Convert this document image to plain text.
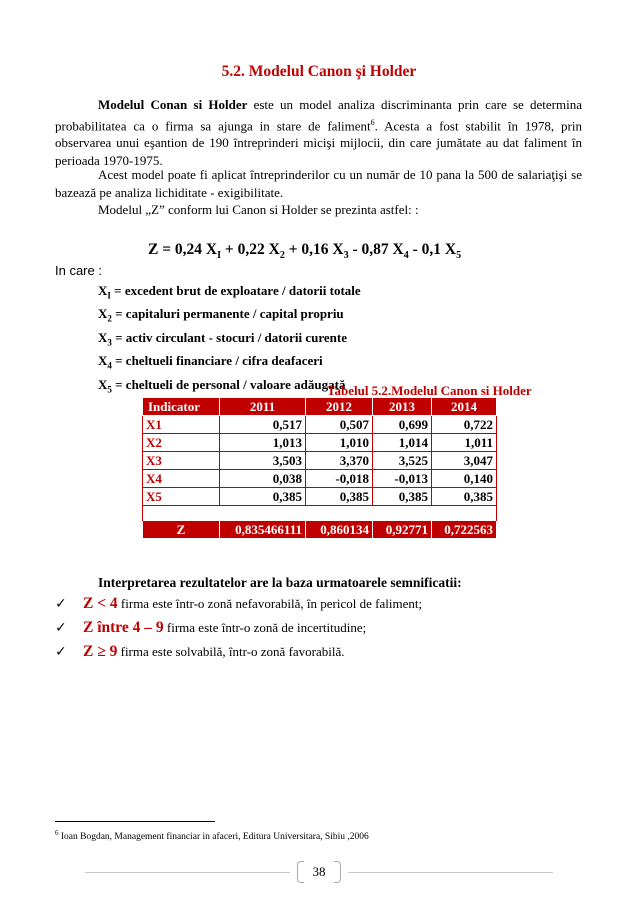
5.2. Modelul Canon şi Holder
Modelul Conan si Holder este un model analiza discriminanta prin care se determina probabilitatea ca o firma sa ajunga in stare de faliment$^6$. Acesta a fost stabilit în 1978, prin observarea unui eşantion de 190 întreprinderi micişi mijlocii, din care jumătate au dat faliment în perioada 1970-1975.
Acest model poate fi aplicat întreprinderilor cu un număr de 10 pana la 500 de salariaţişi se bazează pe analiza lichiditate - exigibilitate.
Modelul „Z” conform lui Canon si Holder se prezinta astfel: :
Z = 0,24 $X_I + 0,22$ $X_2 + 0,16$ $X_3 - 0,87$ $X_4 - 0,1$ $X_5$
In care :
$X_I$ = excedent brut de exploatare / datorii totale
$X_2$ = capitaluri permanente / capital propriu
$X_3$ = activ circulant - stocuri / datorii curente
$X_4$ = cheltueli financiare / cifra deafaceri
$X_5$ = cheltueli de personal / valoare adăugată
Tabelul 5.2.Modelul Canon si Holder
Indicator	2011	2012	2013	2014
X1	0,517	0,507	0,699	0,722
X2	1,013	1,010	1,014	1,011
X3	3,503	3,370	3,525	3,047
X4	0,038	-0,018	-0,013	0,140
X5	0,385	0,385	0,385	0,385

Z	0,835466111	0,860134	0,92771	0,722563
Interpretarea rezultatelor are la baza urmatoarele semnificatii:
✓ Z < 4 firma este într-o zonă nefavorabilă, în pericol de faliment;
✓ Z între 4 – 9 firma este într-o zonă de incertitudine;
✓ Z ≥ 9 firma este solvabilă, într-o zonă favorabilă.
$^6$ Ioan Bogdan, Management financiar in afaceri, Editura Universitara, Sibiu ,2006
38
